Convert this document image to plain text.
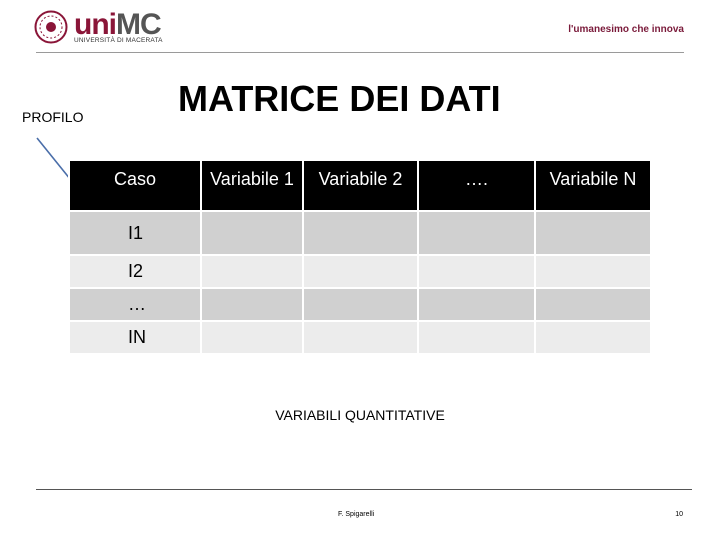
uniMC
UNIVERSITÀ DI MACERATA
l'umanesimo che innova
MATRICE DEI DATI
PROFILO
Caso	Variabile 1	Variabile 2	….	Variabile N
I1				
I2				
…				
IN				
VARIABILI QUANTITATIVE
F. Spigarelli	10
